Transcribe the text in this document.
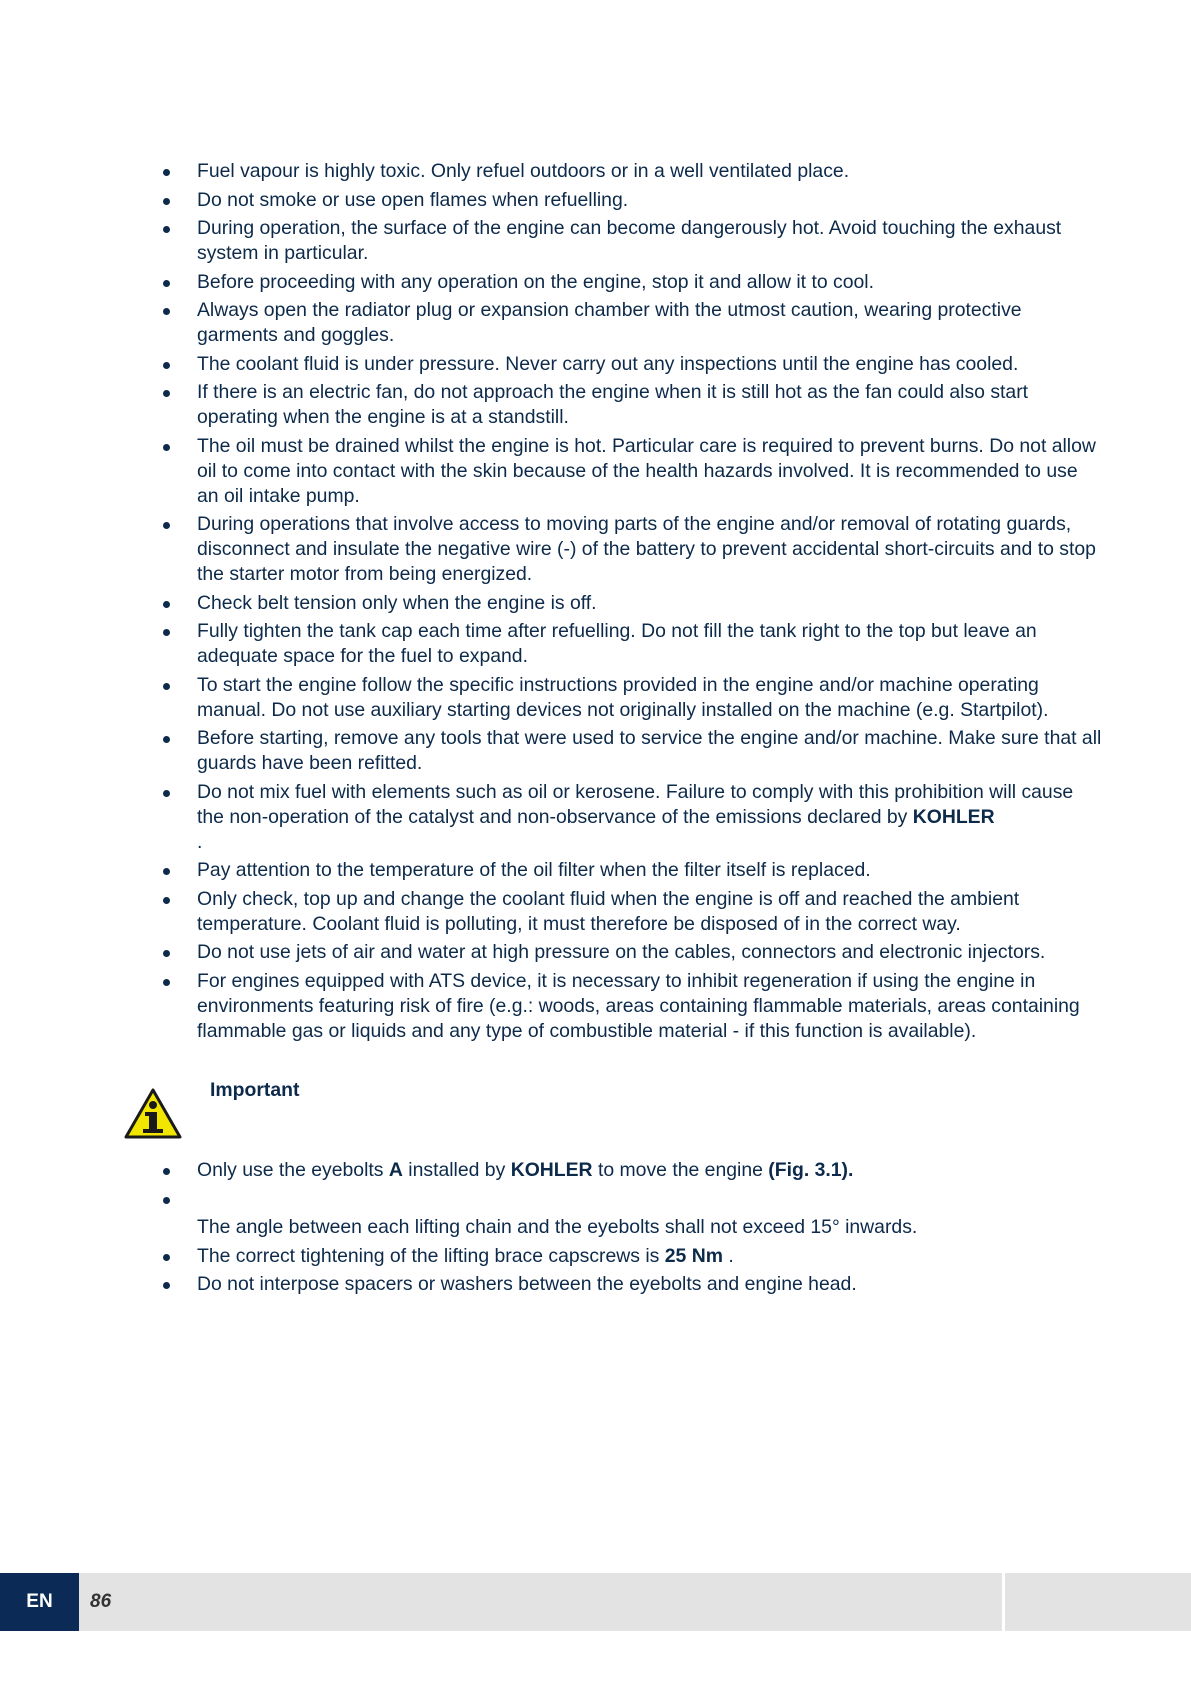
Fuel vapour is highly toxic. Only refuel outdoors or in a well ventilated place.
Do not smoke or use open flames when refuelling.
During operation, the surface of the engine can become dangerously hot. Avoid touching the exhaust system in particular.
Before proceeding with any operation on the engine, stop it and allow it to cool.
Always open the radiator plug or expansion chamber with the utmost caution, wearing protective garments and goggles.
The coolant fluid is under pressure. Never carry out any inspections until the engine has cooled.
If there is an electric fan, do not approach the engine when it is still hot as the fan could also start operating when the engine is at a standstill.
The oil must be drained whilst the engine is hot. Particular care is required to prevent burns. Do not allow oil to come into contact with the skin because of the health hazards involved. It is recommended to use an oil intake pump.
During operations that involve access to moving parts of the engine and/or removal of rotating guards, disconnect and insulate the negative wire (-) of the battery to prevent accidental short-circuits and to stop the starter motor from being energized.
Check belt tension only when the engine is off.
Fully tighten the tank cap each time after refuelling. Do not fill the tank right to the top but leave an adequate space for the fuel to expand.
To start the engine follow the specific instructions provided in the engine and/or machine operating manual. Do not use auxiliary starting devices not originally installed on the machine (e.g. Startpilot).
Before starting, remove any tools that were used to service the engine and/or machine. Make sure that all guards have been refitted.
Do not mix fuel with elements such as oil or kerosene. Failure to comply with this prohibition will cause the non-operation of the catalyst and non-observance of the emissions declared by KOHLER
.
Pay attention to the temperature of the oil filter when the filter itself is replaced.
Only check, top up and change the coolant fluid when the engine is off and reached the ambient temperature. Coolant fluid is polluting, it must therefore be disposed of in the correct way.
Do not use jets of air and water at high pressure on the cables, connectors and electronic injectors.
For engines equipped with ATS device, it is necessary to inhibit regeneration if using the engine in environments featuring risk of fire (e.g.: woods, areas containing flammable materials, areas containing flammable gas or liquids and any type of combustible material - if this function is available).
Important
Only use the eyebolts A installed by KOHLER to move the engine (Fig. 3.1).
The angle between each lifting chain and the eyebolts shall not exceed 15° inwards.
The correct tightening of the lifting brace capscrews is 25 Nm .
Do not interpose spacers or washers between the eyebolts and engine head.
EN	86
